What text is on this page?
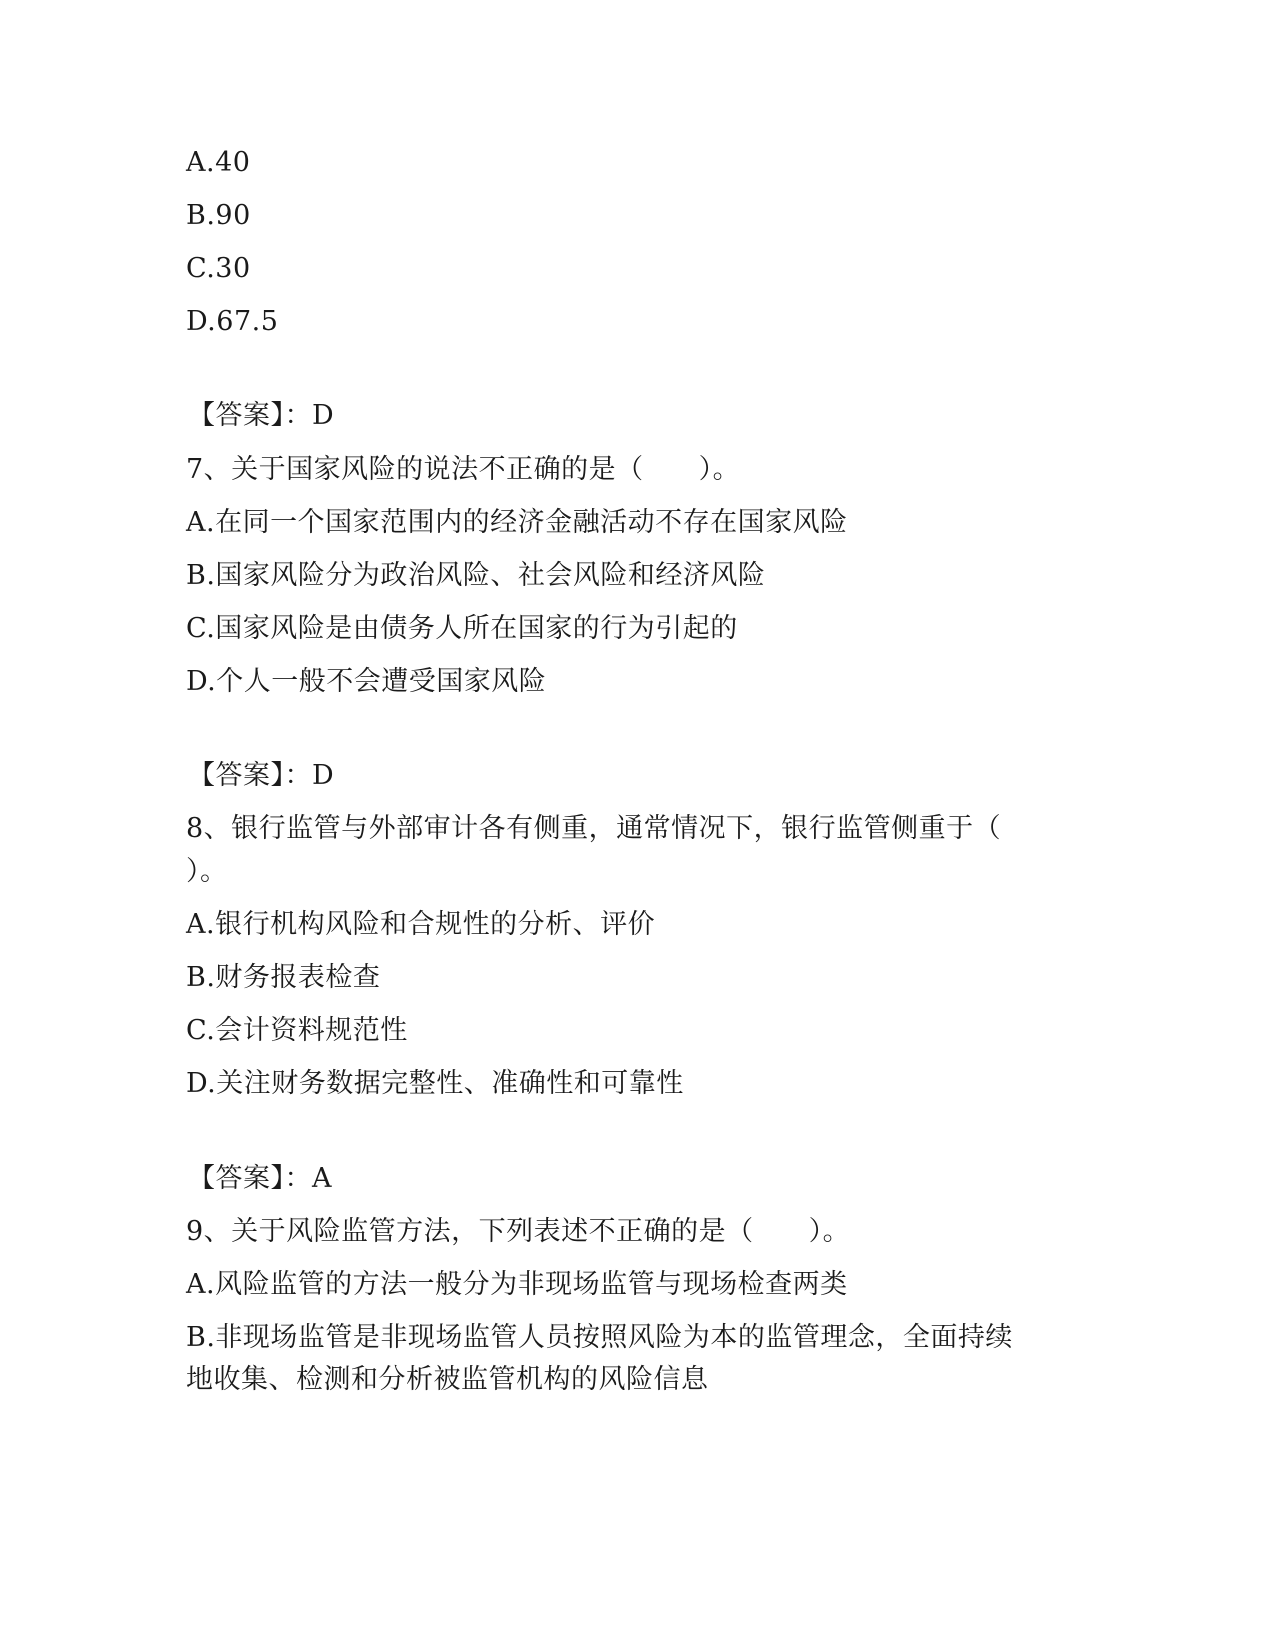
A.40
B.90
C.30
D.67.5
【答案】：D
7、关于国家风险的说法不正确的是（　　）。
A.在同一个国家范围内的经济金融活动不存在国家风险
B.国家风险分为政治风险、社会风险和经济风险
C.国家风险是由债务人所在国家的行为引起的
D.个人一般不会遭受国家风险
【答案】：D
8、银行监管与外部审计各有侧重，通常情况下，银行监管侧重于（
）。
A.银行机构风险和合规性的分析、评价
B.财务报表检查
C.会计资料规范性
D.关注财务数据完整性、准确性和可靠性
【答案】：A
9、关于风险监管方法，下列表述不正确的是（　　）。
A.风险监管的方法一般分为非现场监管与现场检查两类
B.非现场监管是非现场监管人员按照风险为本的监管理念，全面持续
地收集、检测和分析被监管机构的风险信息
